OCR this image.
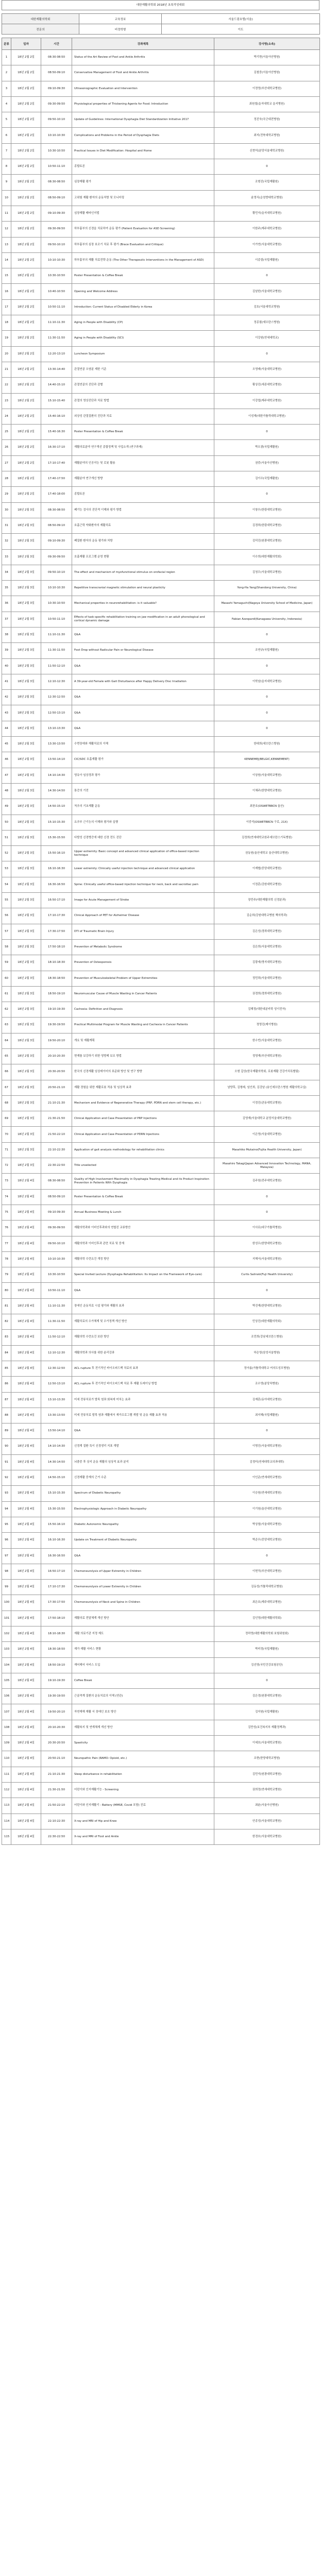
대한재활의학회 2018년 초록작성대회
대한재활의학회	교육정보	서울드림호텔(서울)
전문의	비정학형	이도
분류	일자	시간	강좌제목	강사명(소속)
1	18년 2월 2일	08:30-08:50	Status of the Art Review of Foot and Ankle Arthritis	박기현(서울아산병원)
2	18년 2월 2일	08:50-09:10	Conservative Management of Foot and Ankle Arthritis	김철중(서울아산병원)
3	18년 2월 2일	09:10-09:30	Ultrasonographic Evaluation and Intervention	이정영(부산대학교병원)
4	18년 2월 2일	09:30-09:50	Physiological properties of Thickening Agents for Food: Introduction	최원철(을지대학교 을지병원)
5	18년 2월 2일	09:50-10:10	Update of Guidelines: International Dysphagia Diet Standardization Initiative 2017	정진욱(국군대전병원)
6	18년 2월 2일	10:10-10:30	Complications and Problems in the Period of Dysphagia Diets	최지(전북대학교병원)
7	18년 2월 2일	10:30-10:50	Practical Issues in Diet Modification: Hospital and Home	신현석(분당서울대학교병원)
8	18년 2월 2일	10:50-11:10	종합토론	0
9	18년 2월 2일	08:30-08:50	심장재활 평가	조형진(국립재활원)
10	18년 2월 2일	08:50-09:10	고위험 재활 환자의 운동처방 및 모니터링	윤영식(순천향대학교병원)
11	18년 2월 2일	09:10-09:30	심장재활 메타인지법	황민지(을지대학교병원)
12	18년 2월 2일	09:30-09:50	하부흉부의 신경을 치료하여 운동 평가 (Patient Evaluation for ASD Screening)	이한주(제주대학교병원)
13	18년 2월 2일	09:50-10:10	하부흉부의 심장 보조기 치료 후 평가 (Brace Evaluation and Critique)	이가연(서울대학교병원)
14	18년 2월 2일	10:10-10:30	하부흉부의 재활 치료전략 운동 (The Other Therapeutic Interventions in the Management of ASD)	이종림(국립재활원)
15	18년 2월 2일	10:30-10:50	Poster Presentation & Coffee Break	0
16	18년 2월 2일	10:40-10:50	Opening and Welcome Address	김남한(서울대학교병원)
17	18년 2월 2일	10:50-11:10	Introduction: Current Status of Disabled Elderly in Korea	김호(서울대학교병원)
18	18년 2월 2일	11:10-11:30	Aging in People with Disability (CP)	정종필(세브란스병원)
19	18년 2월 2일	11:30-11:50	Aging in People with Disability (SCI)	이강원(연세대학교)
20	18년 2월 2일	12:20-13:10	Luncheon Symposium	0
21	18년 2월 2일	13:30-14:40	관절연골 오염분 제한 기준	오영래(서울대학교병원)
22	18년 2월 2일	14:40-15:10	관절연골의 진단과 감별	황상진(세종대학교병원)
23	18년 2월 2일	15:10-15:40	관절의 영상진단과 치료 방법	이강엽(제주대학교병원)
24	18년 2월 2일	15:40-16:10	외상성 관절질환의 진단과 치료	이성재(대한가톨릭대학교병원)
25	18년 2월 2일	15:40-16:30	Poster Presentation & Coffee Break	0
26	18년 2월 2일	16:30-17:10	재활의료분야 연구개선 종합정책 및 사업소개 (연구과제)	박오광(국립재활원)
27	18년 2월 2일	17:10-17:40	재활분야의 인공지능 및 로봇 활용	권중(서울아산병원)
28	18년 2월 2일	17:40-17:50	재활분야 연구개선 방향	김이수(국립재활원)
29	18년 2월 2일	17:40-18:00	종합토론	0
30	18년 2월 3일	08:30-08:50	폐기능 검사의 진단적 이해와 평가 방법	이창우(한림대학교병원)
31	18년 2월 3일	08:50-09:10	호흡근력 약화환자의 재활치료	김경희(한림대학교병원)
32	18년 2월 3일	09:10-09:30	폐질환 환자의 운동 평가와 처방	김덕진(원광대학교병원)
33	18년 2월 3일	09:30-09:50	호흡재활 프로그램 운영 현황	이수희(대한재활의학회)
34	18년 2월 3일	09:50-10:10	The effect and mechanism of myofunctional stimulus on orofacial region	김청우(서울대학교병원)
35	18년 2월 3일	10:10-10:30	Repetitive transcranial magnetic stimulation and neural plasticity	Yong-Ha Yang(Shandong University, China)
36	18년 2월 3일	10:30-10:50	Mechanical properties in neurorehabilitation: is it valuable?	Masashi Yamaguchi(Nagoya University School of Medicine, Japan)
37	18년 2월 3일	10:50-11:10	Effects of task-specific rehabilitation training on jaw modification in an adult phonological and cortical dynamic damage	Fabian Azzopardi(Kanagawa University, Indonesia)
38	18년 2월 3일	11:10-11:30	Q&A	0
39	18년 2월 3일	11:30-11:50	Foot Drop without Radicular Pain or Neurological Disease	조연규(국립재활원)
40	18년 2월 3일	11:50-12:10	Q&A	0
41	18년 2월 3일	12:10-12:30	A 39-year-old Female with Gait Disturbance after Happy Delivery Disc Irradiation	이학남(을지대학교병원)
42	18년 2월 3일	12:30-12:50	Q&A	0
43	18년 2월 3일	12:50-13:10	Q&A	0
44	18년 2월 3일	13:10-13:30	Q&A	0
45	18년 2월 3일	13:30-13:50	수면장애와 재활치료의 이해	한대희(세브란스병원)
46	18년 2월 3일	13:50-14:10	CIC/SDC 호흡재활 평가	KENNEMEJ(BELGIC,KENNEMENT)
47	18년 2월 3일	14:10-14:30	영유아 임상경과 평가	이상원(서울대학교병원)
48	18년 2월 3일	14:30-14:50	통증의 기전	이채주(한양대학교병원)
49	18년 2월 3일	14:50-15:10	척추의 기초재활 운동	최찬호(OSWETBRCN 울산)
50	18년 2월 3일	15:10-15:30	요추부 근기능의 이해와 평가와 실행	이중석(OSWETBRCN 구로, 21X)
51	18년 2월 3일	15:30-15:50	다발성 신경병증에 대한 신경 전도 진단	김정희(연세대학교원주세브란스기독병원)
52	18년 2월 3일	15:50-16:10	Upper extremity: Basic concept and advanced clinical application of office-based injection technique	권동원(울산대학교 울산대학교병원)
53	18년 2월 3일	16:10-16:30	Lower extremity: Clinically useful injection technique and advanced clinical application	이재협(중앙대학교병원)
54	18년 2월 3일	16:30-16:50	Spine: Clinically useful office-based injection technique for neck, back and sacroiliac pain	이정훈(강원대학교병원)
55	18년 2월 3일	16:50-17:10	Image for Acute Management of Stroke	장민주(대한재활의학 신경분과)
56	18년 2월 3일	17:10-17:30	Clinical Approach of PET for Alzheimer Disease	김순희(강원대학교병원 핵의학과)
57	18년 2월 3일	17:30-17:50	DTI of Traumatic Brain Injury	김은성(경희대학교병원)
58	18년 2월 3일	17:50-18:10	Prevention of Metabolic Syndrome	김은희(서울대학교병원)
59	18년 2월 3일	18:10-18:30	Prevention of Osteoporosis	김광세(명지대학교병원)
60	18년 2월 3일	18:30-18:50	Prevention of Musculoskeletal Problem of Upper Extremities	정민희(서울대학교병원)
61	18년 2월 3일	18:50-19:10	Neuromuscular Cause of Muscle Wasting in Cancer Patients	권경희(경희대학교병원)
62	18년 2월 3일	19:10-19:30	Cachexia: Definition and Diagnosis	김혜정(대한내분비학 성이전자)
63	18년 2월 3일	19:30-19:50	Practical Multimodal Program for Muscle Wasting and Cachexia in Cancer Patients	정명진(제이병원)
64	18년 2월 3일	19:50-20:10	개요 및 재활계획	한수빈(서울대학교병원)
65	18년 2월 3일	20:10-20:30	현재를 보강하기 위한 영향제 보조 방법	정영재(부산대학교병원)
66	18년 2월 3일	20:30-20:50	한국의 신경재활 임상데이터의 표준화 방안 및 연구 방향	오형 갑상(한국재활의학회, 로봇재활 건강가치특별팀)
67	18년 2월 3일	20:50-21:10	재활 경험을 위한 재활로봇 적용 및 임상적 효과	남양후, 김형래, 임인희, 김강남 (용인세브란스병원 재활의학교실)
68	18년 2월 3일	21:10-21:30	Mechanism and Evidence of Regenerative Therapy (PRP, PDRN and stem cell therapy, etc.)	이정진(관동대학교병원)
69	18년 2월 3일	21:30-21:50	Clinical Application and Case Presentation of PRP Injections	김영재(서울대학교 분당서울대학교병원)
70	18년 2월 3일	21:50-22:10	Clinical Application and Case Presentation of PDRN Injections	이은영(서울대학교병원)
71	18년 2월 3일	22:10-22:30	Application of gait analysis methodology for rehabilitation clinics	Masahiko Mukaino(Fujita Health University, Japan)
72	18년 2월 3일	22:30-22:50	Title unselected	Masahiro Takagi(Japan Advanced Innovation Technology, MANA, Malaysia)
73	18년 2월 4일	08:30-08:50	Quality of High Involvement Maximality in Dysphagia Treating Medical and its Product Inspiration Prevention in Patients With Dysphagia	김주원(전주대학교병원)
74	18년 2월 4일	08:50-09:10	Poster Presentation & Coffee Break	0
75	18년 2월 4일	09:10-09:30	Annual Business Meeting & Lunch	0
76	18년 2월 4일	09:30-09:50	재활의학과와 이비인후과와의 연합진 교류방안	이사로(대구가톨릭병원)
77	18년 2월 4일	09:50-10:10	재활의학과 이비인후과 관련 치료 및 중재	한성우(한양대학교병원)
78	18년 2월 4일	10:10-10:30	재활의학 수련요건 개정 방안	지해서(서울대학교병원)
79	18년 2월 4일	10:30-10:50	Special Invited Lecture (Dysphagia Rehabilitation: Its Impact on the Framework of Eye-care)	Curtis Salinski(Fuji Health University)
80	18년 2월 4일	10:50-11:10	Q&A	0
81	18년 2월 4일	11:10-11:30	장애인 운동치료 시설 평가와 재활의 효과	박진재(한양대학교병원)
82	18년 2월 4일	11:30-11:50	재활치료의 수가체계 및 수가정책 개선 방안	민상진(대한재활의학회)
83	18년 2월 4일	11:50-12:10	재활의학 수련요건 보완 방안	조민희(강남세브란스병원)
84	18년 2월 4일	12:10-12:30	재활의학과 의사를 위한 윤리강좌	하은영(삼성서울병원)
85	18년 2월 4일	12:30-12:50	ACL rupture 후 전기적인 바이오피드백 치료의 효과	정아름(가톨릭대학교 여의도성모병원)
86	18년 2월 4일	12:50-13:10	ACL rupture 후 전기적인 바이오피드백 치료 후 재활 트레이닝 방법	조수영(분당차병원)
87	18년 2월 4일	13:10-13:30	미세 전류치료가 발목 염좌 회복에 미치는 효과	김재훈(동아대학교병원)
88	18년 2월 4일	13:30-13:50	미세 전류치료 발목 염좌 재활에서 재가프로그램 개발 및 운동 재활 효과 적용	최지혜(국립재활원)
89	18년 2월 4일	13:50-14:10	Q&A	0
90	18년 2월 4일	14:10-14:30	신경계 질환 특이 신경생리 지표 개발	이명진(서울대학교병원)
91	18년 2월 4일	14:30-14:50	뇌졸중 후 상지 운동 재활의 임상적 효과 분석	김정미(연세대학교의과대학)
92	18년 2월 4일	14:50-15:10	신경재활 중재의 근거 수준	이인준(연세대학교병원)
93	18년 2월 4일	15:10-15:30	Spectrum of Diabetic Neuropathy	이승원(연세대학교병원)
94	18년 2월 4일	15:30-15:50	Electrophysiologic Approach in Diabetic Neuropathy	이기원(울산대학교병원)
95	18년 2월 4일	15:50-16:10	Diabetic Autonomic Neuropathy	박상철(서울대학교병원)
96	18년 2월 4일	16:10-16:30	Update on Treatment of Diabetic Neuropathy	박준우(중앙대학교병원)
97	18년 2월 4일	16:30-16:50	Q&A	0
98	18년 2월 4일	16:50-17:10	Chemoneurolysis of Upper Extremity in Children	이현직(부산대학교병원)
99	18년 2월 4일	17:10-17:30	Chemoneurolysis of Lower Extremity in Children	김동성(가톨릭대학교병원)
100	18년 2월 4일	17:30-17:50	Chemoneurolysis of Neck and Spine in Children	최은호(제주대학교병원)
101	18년 2월 4일	17:50-18:10	재활의료 전달체계 개선 방안	김인영(대한재활의학회)
102	18년 2월 4일	18:10-18:30	재활 의료기관 지정 제도	정하영(대한재활의학회 보험위원회)
103	18년 2월 4일	18:30-18:50	재가 재활 서비스 현황	박미정(국립재활원)
104	18년 2월 4일	18:50-19:10	재어제어 서비스 도입	김선영(국민건강보험공단)
105	18년 2월 4일	19:10-19:30	Coffee Break	0
106	18년 2월 4일	19:30-19:50	근골격계 질환의 운동치료의 이해 (연관)	김은경(원광대학교병원)
107	18년 2월 4일	19:50-20:10	자연재해 재활 서 장애인 보호 방안	김지원(국립재활원)
108	18년 2월 4일	20:10-20:30	재활복지 및 연계체계 개선 방안	김만성(보건복지부 재활정책과)
109	18년 2월 4일	20:30-20:50	Spasticity	이세호(서울대학교병원)
110	18년 2월 4일	20:50-21:10	Neuropathic Pain (RAMO: Opioid, etc.)	조현(한양대학교병원)
111	18년 2월 4일	21:10-21:30	Sleep disturbance in rehabilitation	김민석(원광대학교병원)
112	18년 2월 4일	21:30-21:50	어린이와 인지재활기능 - Screening	권희정(연세대학교병원)
113	18년 2월 4일	21:50-22:10	어린이와 인지재활기 - Battery (MMSE, Covid 포함) 진료	최윤(서울아산병원)
114	18년 2월 4일	22:10-22:30	X-ray and MRI of Hip and Knee	안종성(서울대학교병원)
115	18년 2월 4일	22:30-22:50	X-ray and MRI of Foot and Ankle	한경호(서울대학교병원)
